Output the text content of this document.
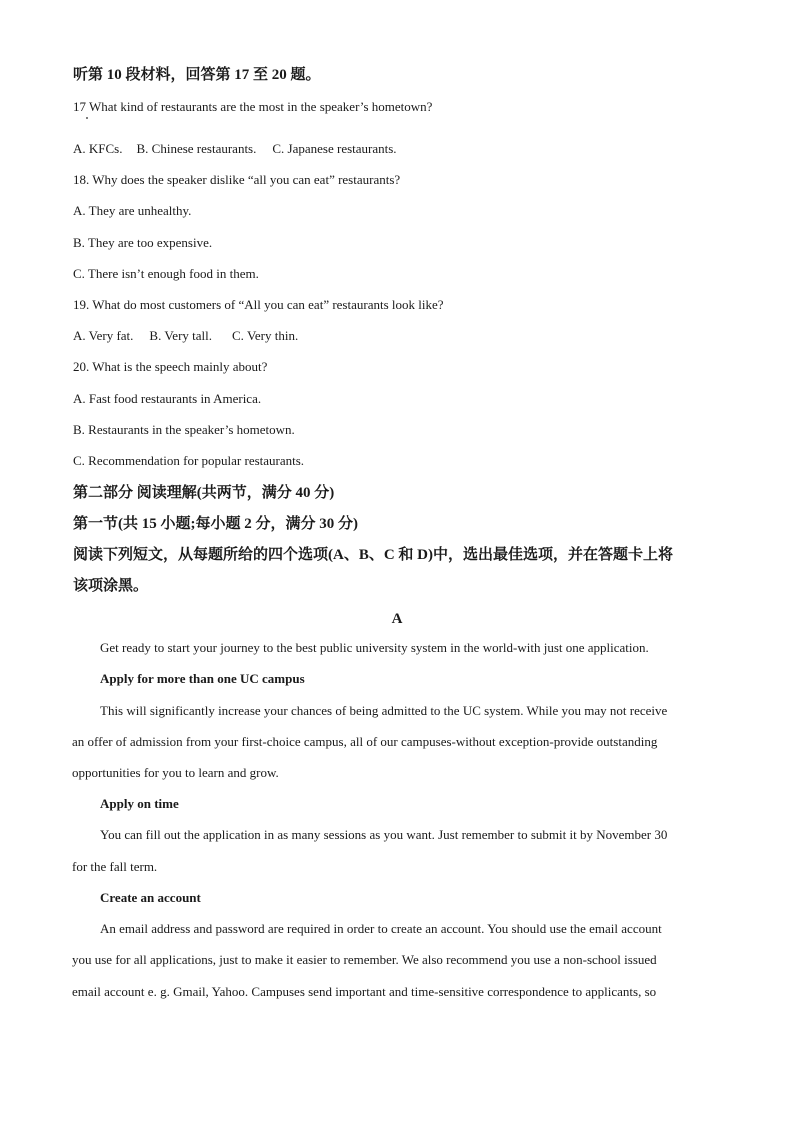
听第 10 段材料，回答第 17 至 20 题。
17 What kind of restaurants are the most in the speaker’s hometown?
A. KFCs. B. Chinese restaurants. C. Japanese restaurants.
18. Why does the speaker dislike “all you can eat” restaurants?
A. They are unhealthy.
B. They are too expensive.
C. There isn’t enough food in them.
19. What do most customers of “All you can eat” restaurants look like?
A. Very fat. B. Very tall. C. Very thin.
20. What is the speech mainly about?
A. Fast food restaurants in America.
B. Restaurants in the speaker’s hometown.
C. Recommendation for popular restaurants.
第二部分 阅读理解(共两节，满分 40 分)
第一节(共 15 小题;每小题 2 分，满分 30 分)
阅读下列短文，从每题所给的四个选项(A、B、C 和 D)中，选出最佳选项，并在答题卡上将
该项涂黑。
A
Get ready to start your journey to the best public university system in the world-with just one application.
Apply for more than one UC campus
This will significantly increase your chances of being admitted to the UC system. While you may not receive
an offer of admission from your first-choice campus, all of our campuses-without exception-provide outstanding
opportunities for you to learn and grow.
Apply on time
You can fill out the application in as many sessions as you want. Just remember to submit it by November 30
for the fall term.
Create an account
An email address and password are required in order to create an account. You should use the email account
you use for all applications, just to make it easier to remember. We also recommend you use a non-school issued
email account e. g. Gmail, Yahoo. Campuses send important and time-sensitive correspondence to applicants, so
